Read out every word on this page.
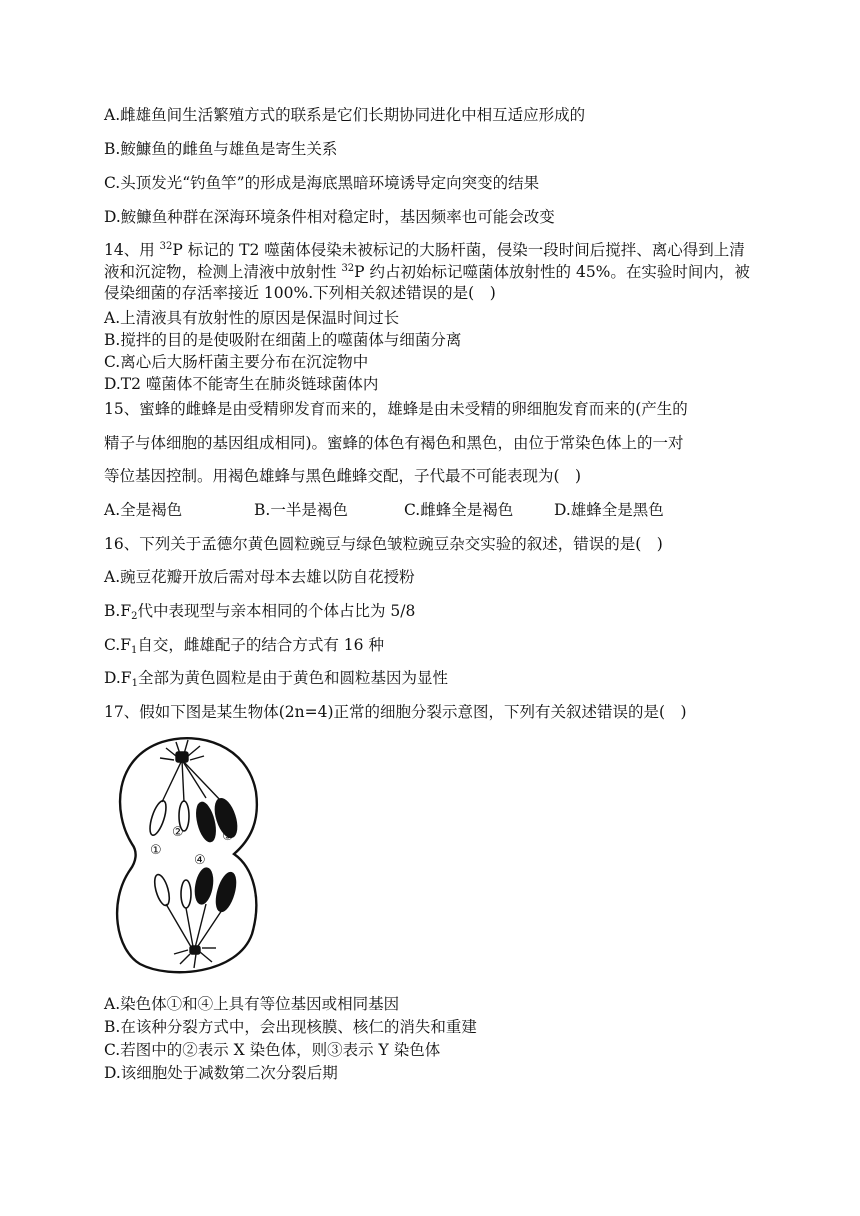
A.雌雄鱼间生活繁殖方式的联系是它们长期协同进化中相互适应形成的
B.鮟鱇鱼的雌鱼与雄鱼是寄生关系
C.头顶发光“钓鱼竿”的形成是海底黑暗环境诱导定向突变的结果
D.鮟鱇鱼种群在深海环境条件相对稳定时，基因频率也可能会改变
14、用 $^{32}$P 标记的 T2 噬菌体侵染未被标记的大肠杆菌，侵染一段时间后搅拌、离心得到上清液和沉淀物，检测上清液中放射性 $^{32}$P 约占初始标记噬菌体放射性的 45%。在实验时间内，被侵染细菌的存活率接近 100%.下列相关叙述错误的是(　)
A.上清液具有放射性的原因是保温时间过长
B.搅拌的目的是使吸附在细菌上的噬菌体与细菌分离
C.离心后大肠杆菌主要分布在沉淀物中
D.T2 噬菌体不能寄生在肺炎链球菌体内
15、蜜蜂的雌蜂是由受精卵发育而来的，雄蜂是由未受精的卵细胞发育而来的(产生的
精子与体细胞的基因组成相同)。蜜蜂的体色有褐色和黑色，由位于常染色体上的一对
等位基因控制。用褐色雄蜂与黑色雌蜂交配，子代最不可能表现为(　)
A.全是褐色	B.一半是褐色	C.雌蜂全是褐色	D.雄蜂全是黑色
16、下列关于孟德尔黄色圆粒豌豆与绿色皱粒豌豆杂交实验的叙述，错误的是(　)
A.豌豆花瓣开放后需对母本去雄以防自花授粉
$B.F_2$代中表现型与亲本相同的个体占比为 5/8
$C.F_1$自交，雌雄配子的结合方式有 16 种
$D.F_1$全部为黄色圆粒是由于黄色和圆粒基因为显性
17、假如下图是某生物体(2n=4)正常的细胞分裂示意图，下列有关叙述错误的是(　)
①
②	③
④
A.染色体①和④上具有等位基因或相同基因
B.在该种分裂方式中，会出现核膜、核仁的消失和重建
C.若图中的②表示 X 染色体，则③表示 Y 染色体
D.该细胞处于减数第二次分裂后期
